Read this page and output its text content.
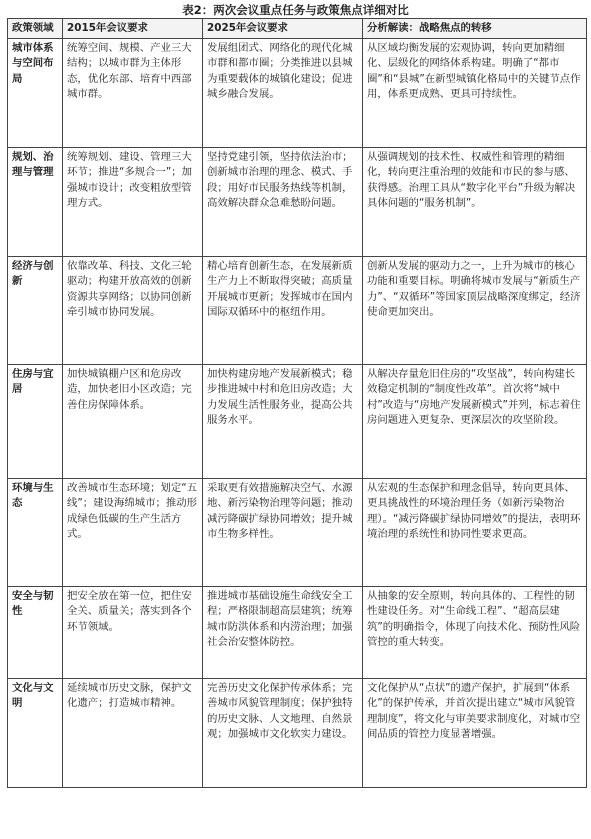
表2：两次会议重点任务与政策焦点详细对比
政策领域	2015年会议要求	2025年会议要求	分析解读：战略焦点的转移
城市体系与空间布局	统筹空间、规模、产业三大结构；以城市群为主体形态，优化东部、培育中西部城市群。	发展组团式、网络化的现代化城市群和都市圈；分类推进以县城为重要载体的城镇化建设；促进城乡融合发展。	从区域均衡发展的宏观协调，转向更加精细化、层级化的网络体系构建。明确了“都市圈”和“县城”在新型城镇化格局中的关键节点作用，体系更成熟、更具可持续性。
规划、治理与管理	统筹规划、建设、管理三大环节；推进“多规合一”；加强城市设计；改变粗放型管理方式。	坚持党建引领，坚持依法治市；创新城市治理的理念、模式、手段；用好市民服务热线等机制，高效解决群众急难愁盼问题。	从强调规划的技术性、权威性和管理的精细化，转向更注重治理的效能和市民的参与感、获得感。治理工具从“数字化平台”升级为解决具体问题的“服务机制”。
经济与创新	依靠改革、科技、文化三轮驱动；构建开放高效的创新资源共享网络；以协同创新牵引城市协同发展。	精心培育创新生态，在发展新质生产力上不断取得突破；高质量开展城市更新；发挥城市在国内国际双循环中的枢纽作用。	创新从发展的驱动力之一，上升为城市的核心功能和重要目标。明确将城市发展与“新质生产力”、“双循环”等国家顶层战略深度绑定，经济使命更加突出。
住房与宜居	加快城镇棚户区和危房改造，加快老旧小区改造；完善住房保障体系。	加快构建房地产发展新模式；稳步推进城中村和危旧房改造；大力发展生活性服务业，提高公共服务水平。	从解决存量危旧住房的“攻坚战”，转向构建长效稳定机制的“制度性改革”。首次将“城中村”改造与“房地产发展新模式”并列，标志着住房问题进入更复杂、更深层次的攻坚阶段。
环境与生态	改善城市生态环境；划定“五线”；建设海绵城市；推动形成绿色低碳的生产生活方式。	采取更有效措施解决空气、水源地、新污染物治理等问题；推动减污降碳扩绿协同增效；提升城市生物多样性。	从宏观的生态保护和理念倡导，转向更具体、更具挑战性的环境治理任务（如新污染物治理）。“减污降碳扩绿协同增效”的提法，表明环境治理的系统性和协同性要求更高。
安全与韧性	把安全放在第一位，把住安全关、质量关；落实到各个环节领域。	推进城市基础设施生命线安全工程；严格限制超高层建筑；统筹城市防洪体系和内涝治理；加强社会治安整体防控。	从抽象的安全原则，转向具体的、工程性的韧性建设任务。对“生命线工程”、“超高层建筑”的明确指令，体现了向技术化、预防性风险管控的重大转变。
文化与文明	延续城市历史文脉，保护文化遗产；打造城市精神。	完善历史文化保护传承体系；完善城市风貌管理制度；保护独特的历史文脉、人文地理、自然景观；加强城市文化软实力建设。	文化保护从“点状”的遗产保护，扩展到“体系化”的保护传承，并首次提出建立“城市风貌管理制度”，将文化与审美要求制度化，对城市空间品质的管控力度显著增强。
